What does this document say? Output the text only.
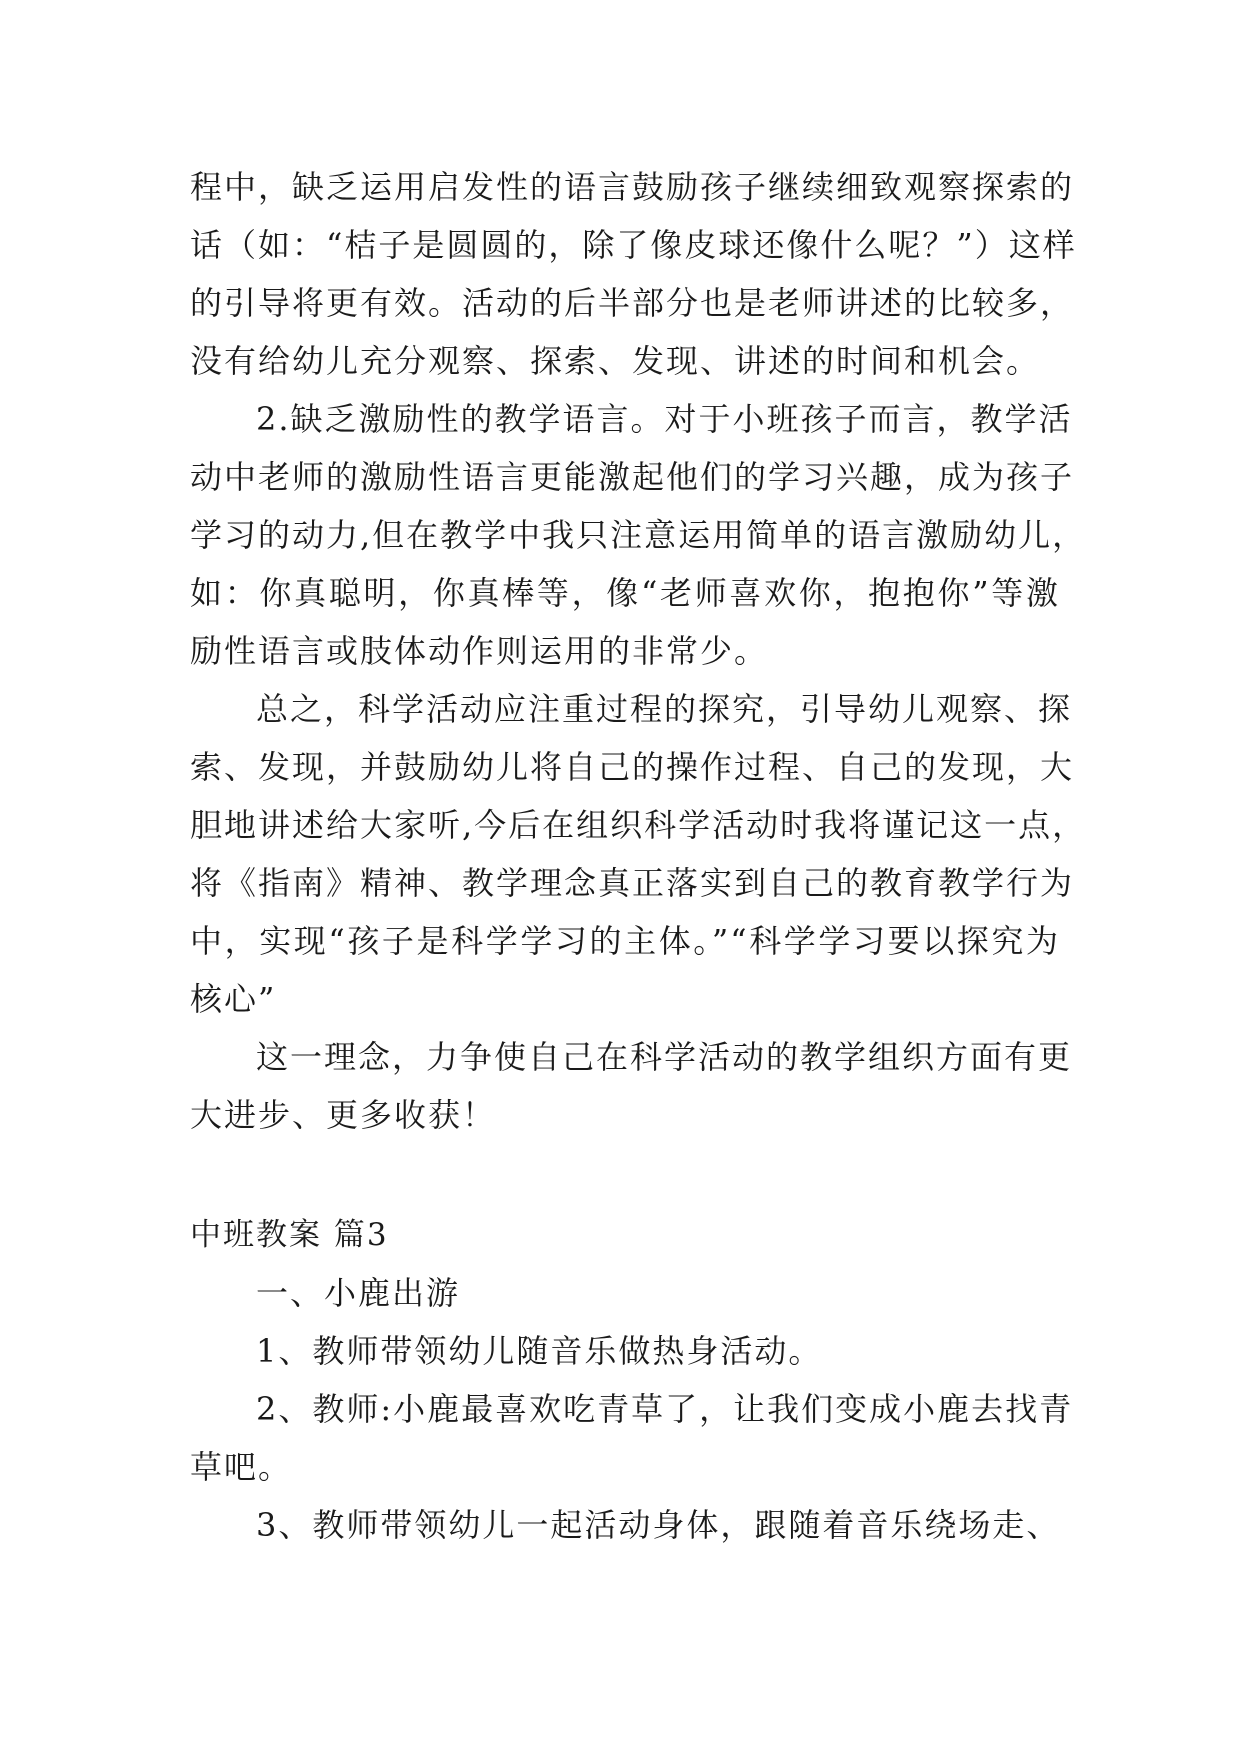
程中，缺乏运用启发性的语言鼓励孩子继续细致观察探索的
话（如：“桔子是圆圆的，除了像皮球还像什么呢？”）这样
的引导将更有效。活动的后半部分也是老师讲述的比较多，
没有给幼儿充分观察、探索、发现、讲述的时间和机会。
2.缺乏激励性的教学语言。对于小班孩子而言，教学活
动中老师的激励性语言更能激起他们的学习兴趣，成为孩子
学习的动力,但在教学中我只注意运用简单的语言激励幼儿，
如：你真聪明，你真棒等，像“老师喜欢你，抱抱你”等激
励性语言或肢体动作则运用的非常少。
总之，科学活动应注重过程的探究，引导幼儿观察、探
索、发现，并鼓励幼儿将自己的操作过程、自己的发现，大
胆地讲述给大家听,今后在组织科学活动时我将谨记这一点，
将《指南》精神、教学理念真正落实到自己的教育教学行为
中，实现“孩子是科学学习的主体。”“科学学习要以探究为
核心”
这一理念，力争使自己在科学活动的教学组织方面有更
大进步、更多收获！
中班教案 篇3
一、小鹿出游
1、教师带领幼儿随音乐做热身活动。
2、教师:小鹿最喜欢吃青草了，让我们变成小鹿去找青
草吧。
3、教师带领幼儿一起活动身体，跟随着音乐绕场走、
